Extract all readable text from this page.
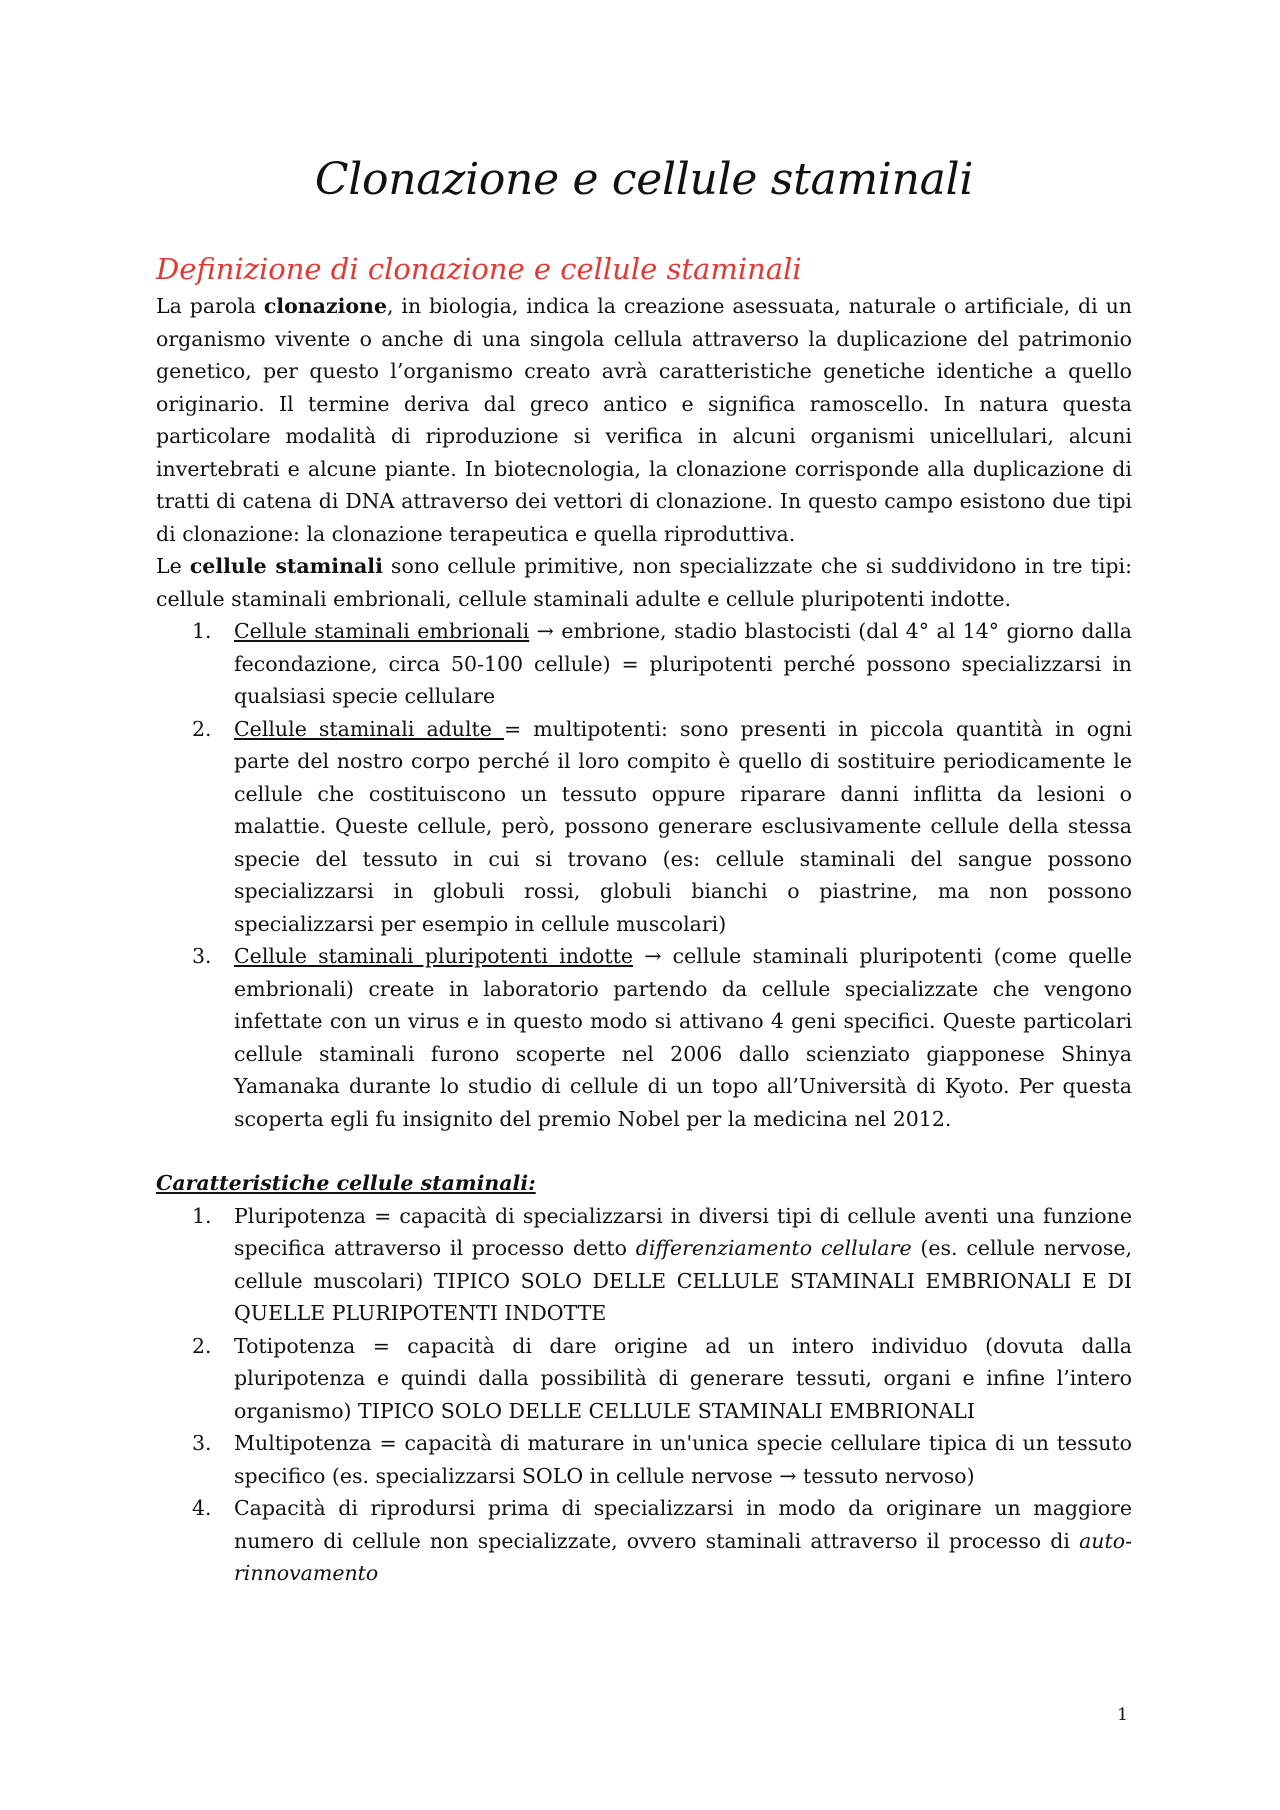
Clonazione e cellule staminali
Definizione di clonazione e cellule staminali

La parola clonazione, in biologia, indica la creazione asessuata, naturale o artificiale, di un organismo vivente o anche di una singola cellula attraverso la duplicazione del patrimonio genetico, per questo l’organismo creato avrà caratteristiche genetiche identiche a quello originario. Il termine deriva dal greco antico e significa ramoscello. In natura questa particolare modalità di riproduzione si verifica in alcuni organismi unicellulari, alcuni invertebrati e alcune piante. In biotecnologia, la clonazione corrisponde alla duplicazione di tratti di catena di DNA attraverso dei vettori di clonazione. In questo campo esistono due tipi di clonazione: la clonazione terapeutica e quella riproduttiva.

Le cellule staminali sono cellule primitive, non specializzate che si suddividono in tre tipi: cellule staminali embrionali, cellule staminali adulte e cellule pluripotenti indotte.

1. Cellule staminali embrionali → embrione, stadio blastocisti (dal 4° al 14° giorno dalla fecondazione, circa 50-100 cellule) = pluripotenti perché possono specializzarsi in qualsiasi specie cellulare
2. Cellule staminali adulte = multipotenti: sono presenti in piccola quantità in ogni parte del nostro corpo perché il loro compito è quello di sostituire periodicamente le cellule che costituiscono un tessuto oppure riparare danni inflitta da lesioni o malattie. Queste cellule, però, possono generare esclusivamente cellule della stessa specie del tessuto in cui si trovano (es: cellule staminali del sangue possono specializzarsi in globuli rossi, globuli bianchi o piastrine, ma non possono specializzarsi per esempio in cellule muscolari)
3. Cellule staminali pluripotenti indotte → cellule staminali pluripotenti (come quelle embrionali) create in laboratorio partendo da cellule specializzate che vengono infettate con un virus e in questo modo si attivano 4 geni specifici. Queste particolari cellule staminali furono scoperte nel 2006 dallo scienziato giapponese Shinya Yamanaka durante lo studio di cellule di un topo all’Università di Kyoto. Per questa scoperta egli fu insignito del premio Nobel per la medicina nel 2012.
Caratteristiche cellule staminali:
1. Pluripotenza = capacità di specializzarsi in diversi tipi di cellule aventi una funzione specifica attraverso il processo detto differenziamento cellulare (es. cellule nervose, cellule muscolari) TIPICO SOLO DELLE CELLULE STAMINALI EMBRIONALI E DI QUELLE PLURIPOTENTI INDOTTE
2. Totipotenza = capacità di dare origine ad un intero individuo (dovuta dalla pluripotenza e quindi dalla possibilità di generare tessuti, organi e infine l’intero organismo) TIPICO SOLO DELLE CELLULE STAMINALI EMBRIONALI
3. Multipotenza = capacità di maturare in un'unica specie cellulare tipica di un tessuto specifico (es. specializzarsi SOLO in cellule nervose → tessuto nervoso)
4. Capacità di riprodursi prima di specializzarsi in modo da originare un maggiore numero di cellule non specializzate, ovvero staminali attraverso il processo di auto-rinnovamento
1
